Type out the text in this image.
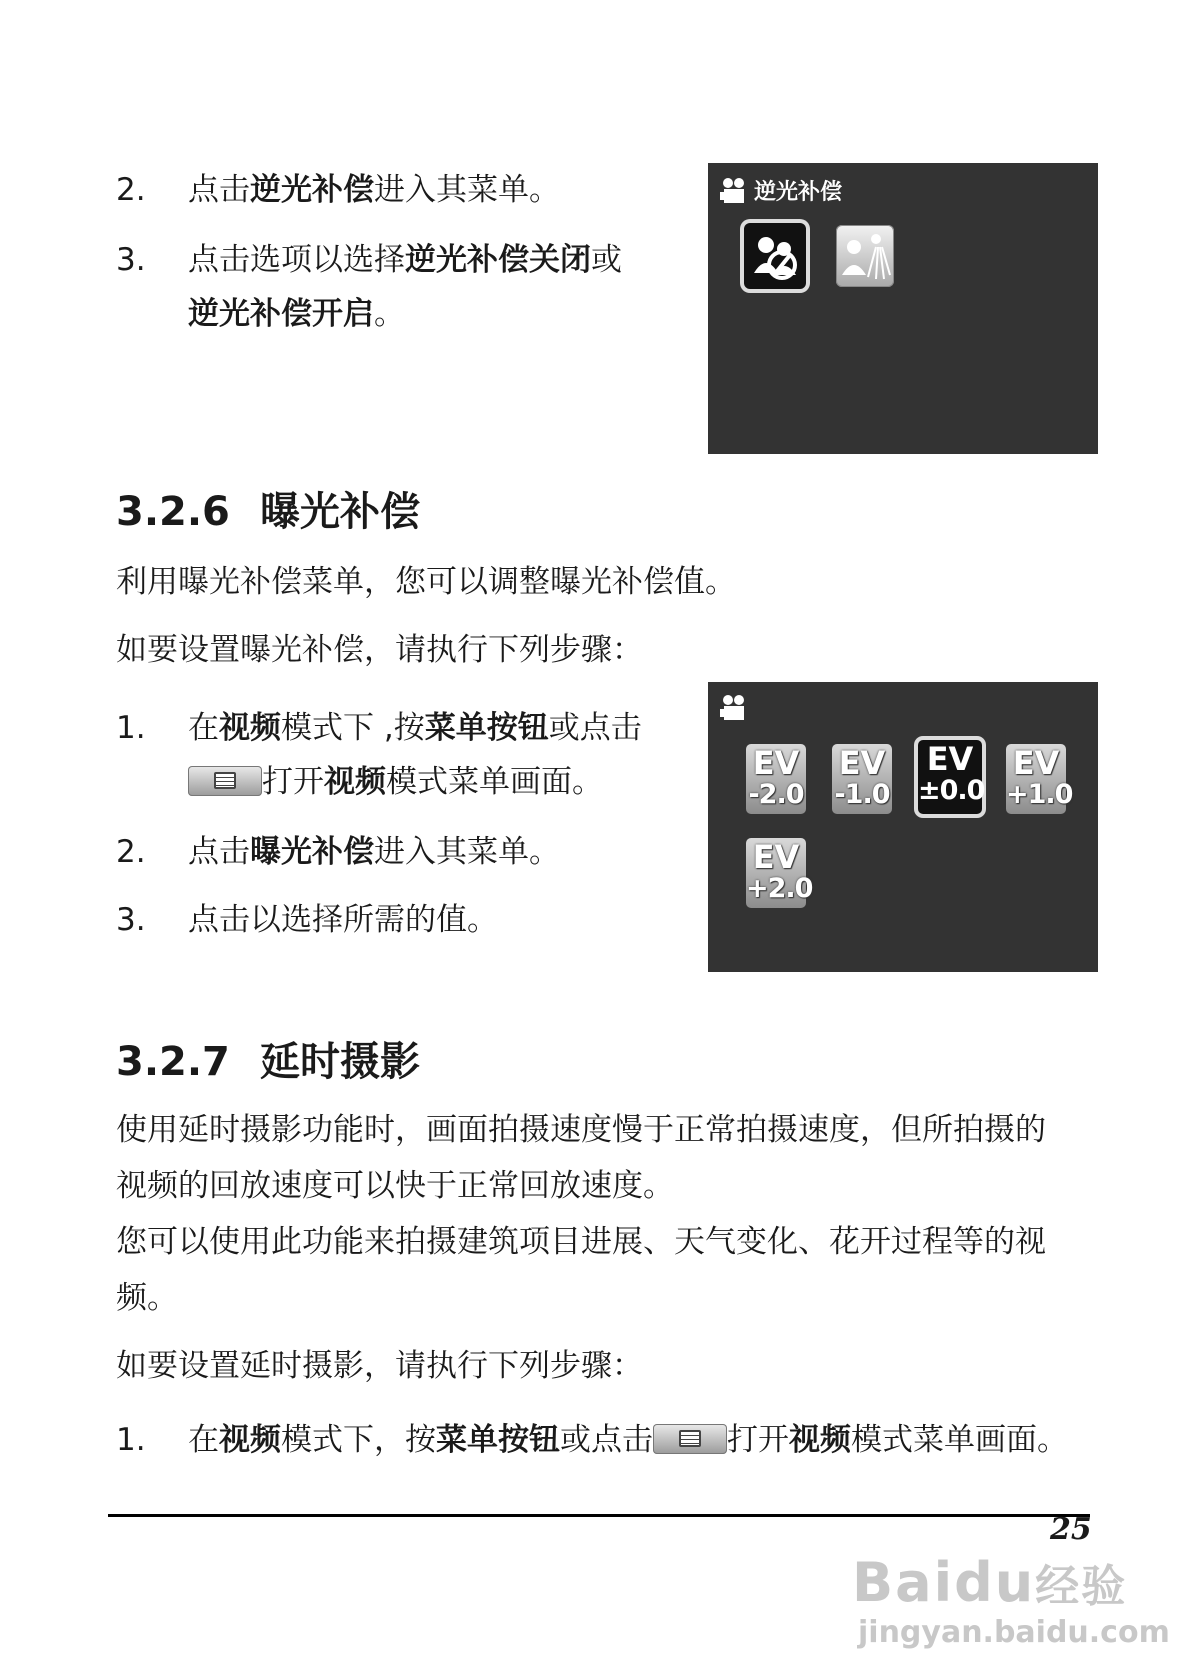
2. 点击逆光补偿进入其菜单。
3. 点击选项以选择逆光补偿关闭或
逆光补偿开启。
逆光补偿
3.2.6 曝光补偿
利用曝光补偿菜单，您可以调整曝光补偿值。
如要设置曝光补偿，请执行下列步骤：
1. 在视频模式下 ,按菜单按钮或点击
打开视频模式菜单画面。
2. 点击曝光补偿进入其菜单。
3. 点击以选择所需的值。
EV
-2.0
EV
-1.0
EV
±0.0
EV
+1.0
EV
+2.0
3.2.7 延时摄影
使用延时摄影功能时，画面拍摄速度慢于正常拍摄速度，但所拍摄的
视频的回放速度可以快于正常回放速度。
您可以使用此功能来拍摄建筑项目进展、天气变化、花开过程等的视
频。
如要设置延时摄影，请执行下列步骤：
1. 在视频模式下，按菜单按钮或点击 打开视频模式菜单画面。
25
Baidu经验
jingyan.baidu.com
